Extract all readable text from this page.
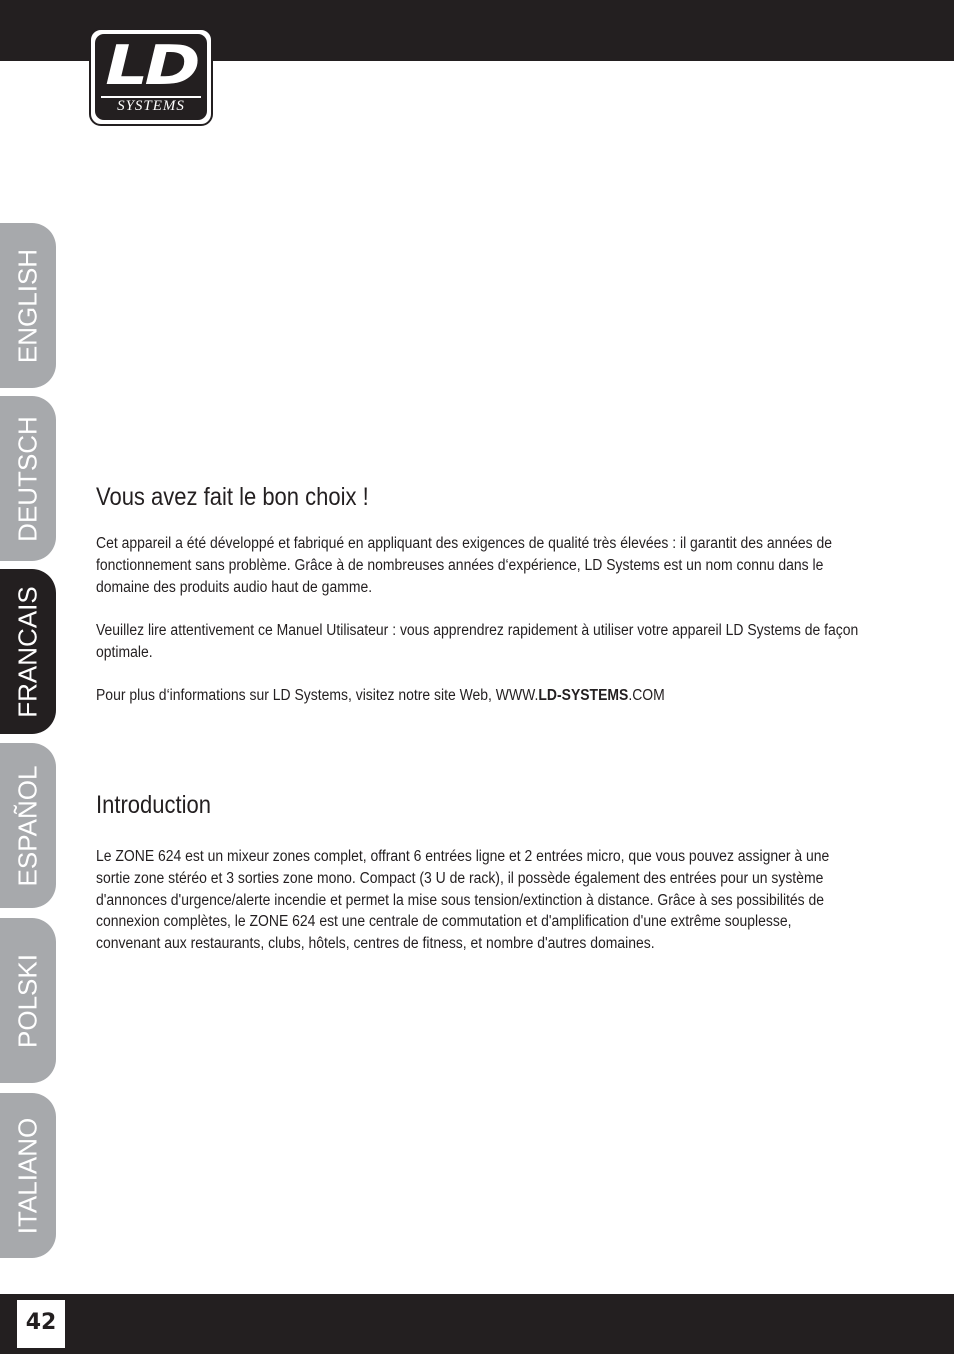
LD
SYSTEMS
ENGLISH
DEUTSCH
FRANCAIS
ESPAÑOL
POLSKI
ITALIANO
Vous avez fait le bon choix !

Cet appareil a été développé et fabriqué en appliquant des exigences de qualité très élevées : il garantit des années de fonctionnement sans problème. Grâce à de nombreuses années d‘expérience, LD Systems est un nom connu dans le domaine des produits audio haut de gamme.

Veuillez lire attentivement ce Manuel Utilisateur : vous apprendrez rapidement à utiliser votre appareil LD Systems de façon optimale.

Pour plus d‘informations sur LD Systems, visitez notre site Web, WWW.LD-SYSTEMS.COM

Introduction

Le ZONE 624 est un mixeur zones complet, offrant 6 entrées ligne et 2 entrées micro, que vous pouvez assigner à une sortie zone stéréo et 3 sorties zone mono. Compact (3 U de rack), il possède également des entrées pour un système d'annonces d'urgence/alerte incendie et permet la mise sous tension/extinction à distance. Grâce à ses possibilités de connexion complètes, le ZONE 624 est une centrale de commutation et d'amplification d'une extrême souplesse, convenant aux restaurants, clubs, hôtels, centres de fitness, et nombre d'autres domaines.

42
